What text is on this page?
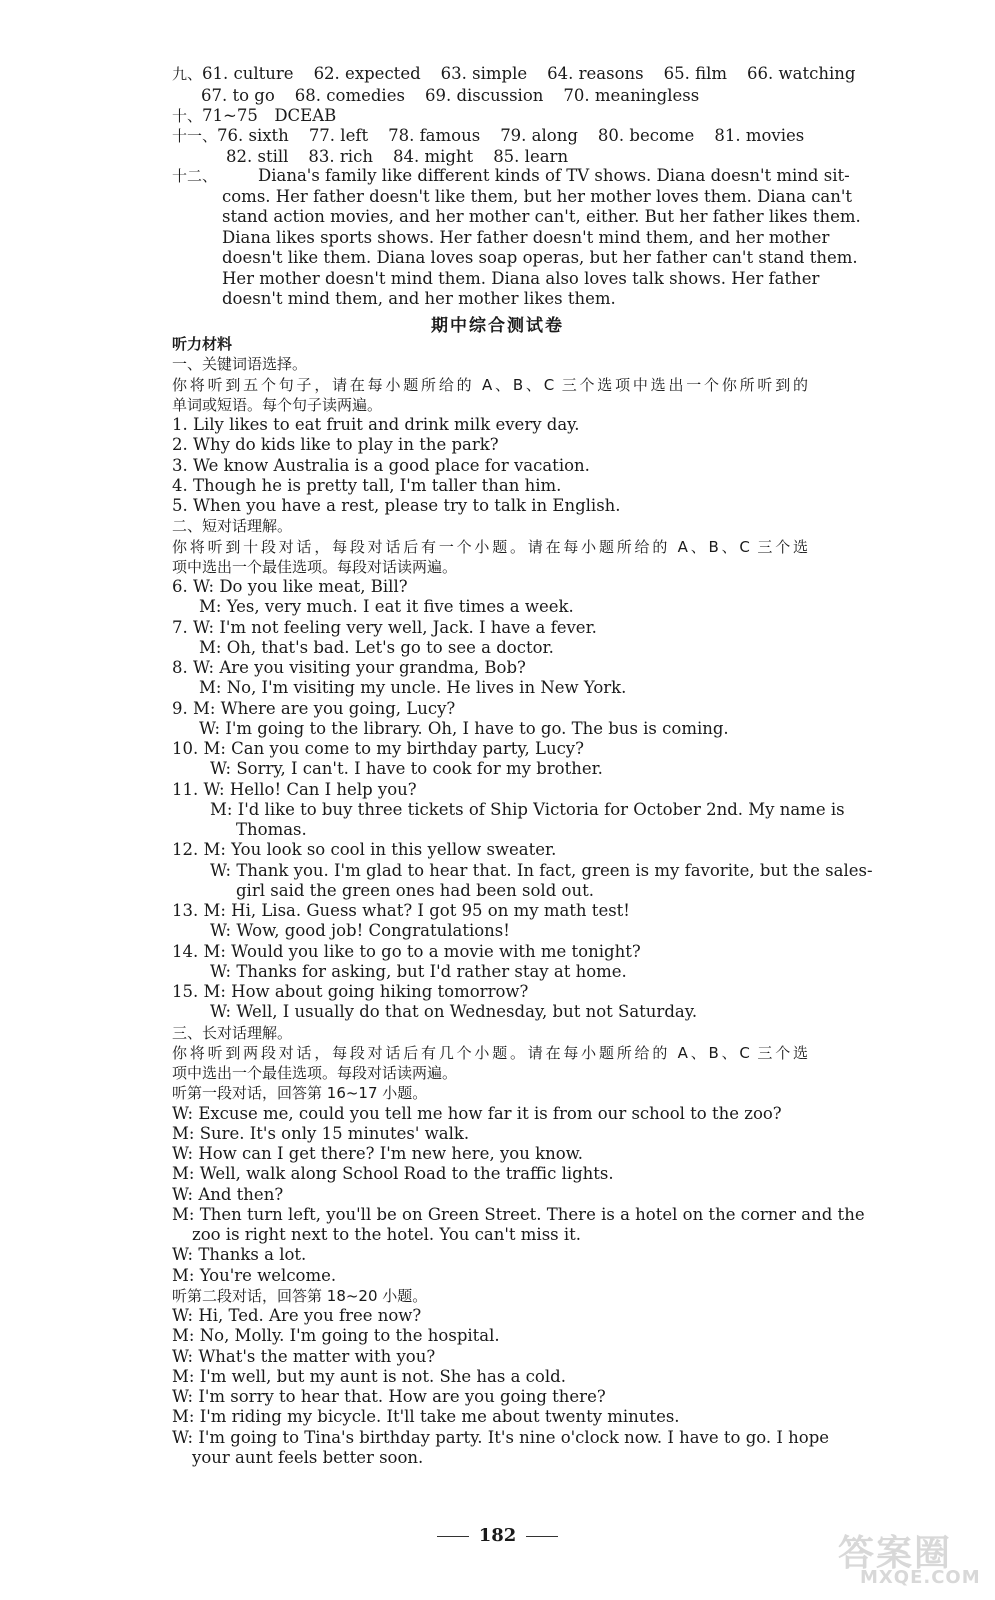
九、61. culture 62. expected 63. simple 64. reasons 65. film 66. watching
67. to go 68. comedies 69. discussion 70. meaningless
十、71~75　DCEAB
十一、76. sixth 77. left 78. famous 79. along 80. become 81. movies
82. still 83. rich 84. might 85. learn
十二、 Diana's family like different kinds of TV shows. Diana doesn't mind sit-
coms. Her father doesn't like them, but her mother loves them. Diana can't
stand action movies, and her mother can't, either. But her father likes them.
Diana likes sports shows. Her father doesn't mind them, and her mother
doesn't like them. Diana loves soap operas, but her father can't stand them.
Her mother doesn't mind them. Diana also loves talk shows. Her father
doesn't mind them, and her mother likes them.
期中综合测试卷
听力材料
一、关键词语选择。
你将听到五个句子，请在每小题所给的 A、B、C 三个选项中选出一个你所听到的
单词或短语。每个句子读两遍。
1. Lily likes to eat fruit and drink milk every day.
2. Why do kids like to play in the park?
3. We know Australia is a good place for vacation.
4. Though he is pretty tall, I'm taller than him.
5. When you have a rest, please try to talk in English.
二、短对话理解。
你将听到十段对话，每段对话后有一个小题。请在每小题所给的 A、B、C 三个选
项中选出一个最佳选项。每段对话读两遍。
6. W: Do you like meat, Bill?
M: Yes, very much. I eat it five times a week.
7. W: I'm not feeling very well, Jack. I have a fever.
M: Oh, that's bad. Let's go to see a doctor.
8. W: Are you visiting your grandma, Bob?
M: No, I'm visiting my uncle. He lives in New York.
9. M: Where are you going, Lucy?
W: I'm going to the library. Oh, I have to go. The bus is coming.
10. M: Can you come to my birthday party, Lucy?
W: Sorry, I can't. I have to cook for my brother.
11. W: Hello! Can I help you?
M: I'd like to buy three tickets of Ship Victoria for October 2nd. My name is
Thomas.
12. M: You look so cool in this yellow sweater.
W: Thank you. I'm glad to hear that. In fact, green is my favorite, but the sales-
girl said the green ones had been sold out.
13. M: Hi, Lisa. Guess what? I got 95 on my math test!
W: Wow, good job! Congratulations!
14. M: Would you like to go to a movie with me tonight?
W: Thanks for asking, but I'd rather stay at home.
15. M: How about going hiking tomorrow?
W: Well, I usually do that on Wednesday, but not Saturday.
三、长对话理解。
你将听到两段对话，每段对话后有几个小题。请在每小题所给的 A、B、C 三个选
项中选出一个最佳选项。每段对话读两遍。
听第一段对话，回答第 16~17 小题。
W: Excuse me, could you tell me how far it is from our school to the zoo?
M: Sure. It's only 15 minutes' walk.
W: How can I get there? I'm new here, you know.
M: Well, walk along School Road to the traffic lights.
W: And then?
M: Then turn left, you'll be on Green Street. There is a hotel on the corner and the
zoo is right next to the hotel. You can't miss it.
W: Thanks a lot.
M: You're welcome.
听第二段对话，回答第 18~20 小题。
W: Hi, Ted. Are you free now?
M: No, Molly. I'm going to the hospital.
W: What's the matter with you?
M: I'm well, but my aunt is not. She has a cold.
W: I'm sorry to hear that. How are you going there?
M: I'm riding my bicycle. It'll take me about twenty minutes.
W: I'm going to Tina's birthday party. It's nine o'clock now. I have to go. I hope
your aunt feels better soon.
182	答案圈
MXQE.COM
